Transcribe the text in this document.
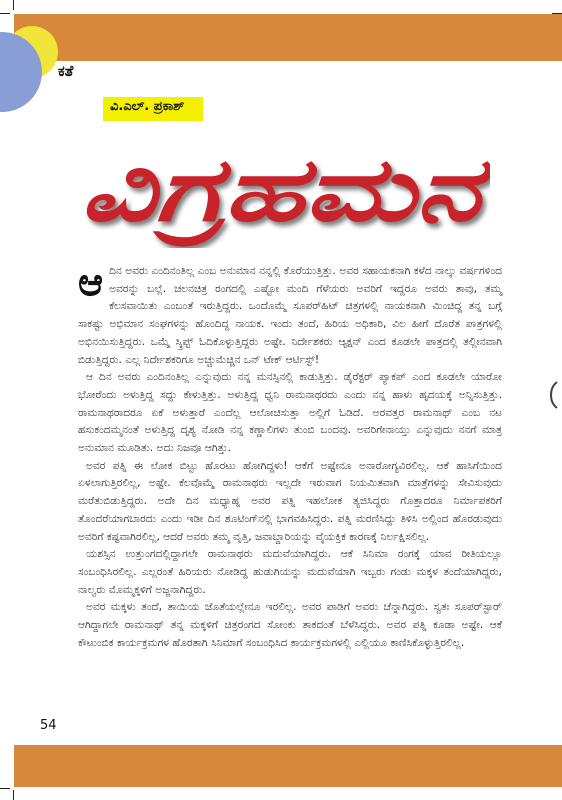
ಕತೆ
ವಿ.ಎಲ್. ಪ್ರಕಾಶ್
ವಿಗ್ರಹಮನ

ಆದಿನ ಅವರು ಎಂದಿನಂತಿಲ್ಲ ಎಂಬ ಅನುಮಾನ ನನ್ನಲ್ಲಿ ಕೊರೆಯುತ್ತಿತ್ತು. ಅವರ ಸಹಾಯಕನಾಗಿ ಕಳೆದ ನಾಲ್ಕು ವರ್ಷಗಳಿಂದ ಅವರನ್ನು ಬಲ್ಲೆ. ಚಲನಚಿತ್ರ ರಂಗದಲ್ಲಿ ಎಷ್ಟೋ ಮಂದಿ ಗೆಳೆಯರು ಅವರಿಗೆ ಇದ್ದರೂ ಅವರು ತಾವು, ತಮ್ಮ ಕೆಲಸವಾಯಿತು ಎಂಬಂತೆ ಇರುತ್ತಿದ್ದರು. ಒಂದೊಮ್ಮೆ ಸೂಪರ್‌ಹಿಟ್ ಚಿತ್ರಗಳಲ್ಲಿ ನಾಯಕನಾಗಿ ಮಿಂಚಿದ್ದ ತನ್ನ ಬಗ್ಗೆ ಸಾಕಷ್ಟು ಅಭಿಮಾನ ಸಂಘಗಳನ್ನು ಹೊಂದಿದ್ದ ನಾಯಕ. ಇಂದು ತಂದೆ, ಹಿರಿಯ ಅಧಿಕಾರಿ, ವಿಲ ಹೀಗೆ ದೊರೆತ ಪಾತ್ರಗಳಲ್ಲಿ ಅಭಿನಯಿಸುತ್ತಿದ್ದರು. ಒಮ್ಮೆ ಸ್ಕ್ರಿಪ್ಟ್ ಓದಿಕೊಳ್ಳುತ್ತಿದ್ದರು ಅಷ್ಟೇ. ನಿರ್ದೇಶಕರು ಆ್ಯಕ್ಷನ್ ಎಂದ ಕೂಡಲೇ ಪಾತ್ರದಲ್ಲಿ ತಲ್ಲೀನವಾಗಿ ಬಿಡುತ್ತಿದ್ದರು. ಎಲ್ಲ ನಿರ್ದೇಶಕರಿಗೂ ಅಚ್ಚುಮೆಚ್ಚಿನ ಒನ್ ಟೇಕ್ ಆರ್ಟಿಸ್ಟ್!

ಆ ದಿನ ಅವರು ಎಂದಿನಂತಿಲ್ಲ ಎನ್ನುವುದು ನನ್ನ ಮನಸ್ಸಿನಲ್ಲಿ ಕಾಡುತ್ತಿತ್ತು. ಡೈರೆಕ್ಟರ್ ಪ್ಯಾಕಪ್ ಎಂದ ಕೂಡಲೇ ಯಾರೋ ಭೋರೆಂದು ಅಳುತ್ತಿದ್ದ ಸದ್ದು ಕೇಳುತ್ತಿತ್ತು. ಅಳುತ್ತಿದ್ದ ಧ್ವನಿ ರಾಮನಾಥರದು ಎಂದು ನನ್ನ ಹಾಳು ಹೃದಯಕ್ಕೆ ಅನ್ನಿಸುತ್ತಿತ್ತು. ರಾಮನಾಥರಾದರೂ ಏಕೆ ಅಳುತ್ತಾರೆ ಎಂದೆಲ್ಲ ಆಲೋಚಿಸುತ್ತಾ ಅಲ್ಲಿಗೆ ಓಡಿದೆ. ಅರವತ್ತರ ರಾಮನಾಥ್ ಎಂಬ ನಟ ಹಸುಕಂದಮ್ಮನಂತೆ ಅಳುತ್ತಿದ್ದ ದೃಶ್ಯ ನೋಡಿ ನನ್ನ ಕಣ್ಣಾಲಿಗಳು ತುಂಬಿ ಬಂದವು. ಅವರಿಗೇನಾಯ್ತು ಎನ್ನುವುದು ನನಗೆ ಮಾತ್ರ ಅನುಮಾನ ಮೂಡಿತು. ಅದು ನಿಜವೂ ಆಗಿತ್ತು.

ಅವರ ಪತ್ನಿ ಈ ಲೋಕ ಬಿಟ್ಟು ಹೊರಟು ಹೋಗಿದ್ದಳು! ಆಕೆಗೆ ಅಷ್ಟೇನೂ ಅನಾರೋಗ್ಯವಿರಲಿಲ್ಲ. ಆಕೆ ಹಾಸಿಗೆಯಿಂದ ಏಳಲಾಗುತ್ತಿರಲಿಲ್ಲ, ಅಷ್ಟೇ. ಕೆಲವೊಮ್ಮೆ ರಾಮನಾಥರು ಇಲ್ಲದೇ ಇರುವಾಗ ನಿಯಮಿತವಾಗಿ ಮಾತ್ರೆಗಳನ್ನು ಸೇವಿಸುವುದು ಮರೆತುಬಿಡುತ್ತಿದ್ದರು. ಅದೇ ದಿನ ಮಧ್ಯಾಹ್ನ ಅವರ ಪತ್ನಿ ಇಹಲೋಕ ತ್ಯಜಿಸಿದ್ದರು ಗೊತ್ತಾದರೂ ನಿರ್ಮಾಪಕರಿಗೆ ತೊಂದರೆಯಾಗಬಾರದು ಎಂದು ಇಡೀ ದಿನ ಶೂಟಿಂಗ್‌ನಲ್ಲಿ ಭಾಗವಹಿಸಿದ್ದರು. ಪತ್ನಿ ಮರಣಿಸಿದ್ದು ತಿಳಿಸಿ ಅಲ್ಲಿಂದ ಹೊರಡುವುದು ಅವರಿಗೆ ಕಷ್ಟವಾಗಿರಲಿಲ್ಲ, ಆದರೆ ಅವರು ತಮ್ಮ ವೃತ್ತಿ, ಜವಾಬ್ದಾರಿಯನ್ನು ವೈಯಕ್ತಿಕ ಕಾರಣಕ್ಕೆ ನಿರ್ಲಕ್ಷಿಸಲಿಲ್ಲ.

ಯಶಸ್ಸಿನ ಉತ್ತುಂಗದಲ್ಲಿದ್ದಾಗಲೇ ರಾಮನಾಥರು ಮದುವೆಯಾಗಿದ್ದರು. ಆಕೆ ಸಿನಿಮಾ ರಂಗಕ್ಕೆ ಯಾವ ರೀತಿಯಲ್ಲೂ ಸಂಬಂಧಿಸಿರಲಿಲ್ಲ. ಎಲ್ಲರಂತೆ ಹಿರಿಯರು ನೋಡಿದ್ದ ಹುಡುಗಿಯನ್ನು ಮದುವೆಯಾಗಿ ಇಬ್ಬರು ಗಂಡು ಮಕ್ಕಳ ತಂದೆಯಾಗಿದ್ದರು, ನಾಲ್ವರು ಮೊಮ್ಮಕ್ಕಳಿಗೆ ಅಜ್ಜನಾಗಿದ್ದರು.

ಅವರ ಮಕ್ಕಳು ತಂದೆ, ತಾಯಿಯ ಜೊತೆಯಲ್ಲೇನೂ ಇರಲಿಲ್ಲ. ಅವರ ಪಾಡಿಗೆ ಅವರು ಚೆನ್ನಾಗಿದ್ದರು. ಸ್ವತಃ ಸೂಪರ್‌ಸ್ಟಾರ್ ಆಗಿದ್ದಾಗಲೇ ರಾಮನಾಥ್ ತನ್ನ ಮಕ್ಕಳಿಗೆ ಚಿತ್ರರಂಗದ ಸೋಂಕು ತಾಕದಂತೆ ಬೆಳೆಸಿದ್ದರು. ಅವರ ಪತ್ನಿ ಕೂಡಾ ಅಷ್ಟೇ. ಆಕೆ ಕೌಟುಂಬಿಕ ಕಾರ್ಯಕ್ರಮಗಳ ಹೊರತಾಗಿ ಸಿನಿಮಾಗೆ ಸಂಬಂಧಿಸಿದ ಕಾರ್ಯಕ್ರಮಗಳಲ್ಲಿ ಎಲ್ಲಿಯೂ ಕಾಣಿಸಿಕೊಳ್ಳುತ್ತಿರಲಿಲ್ಲ.

54
